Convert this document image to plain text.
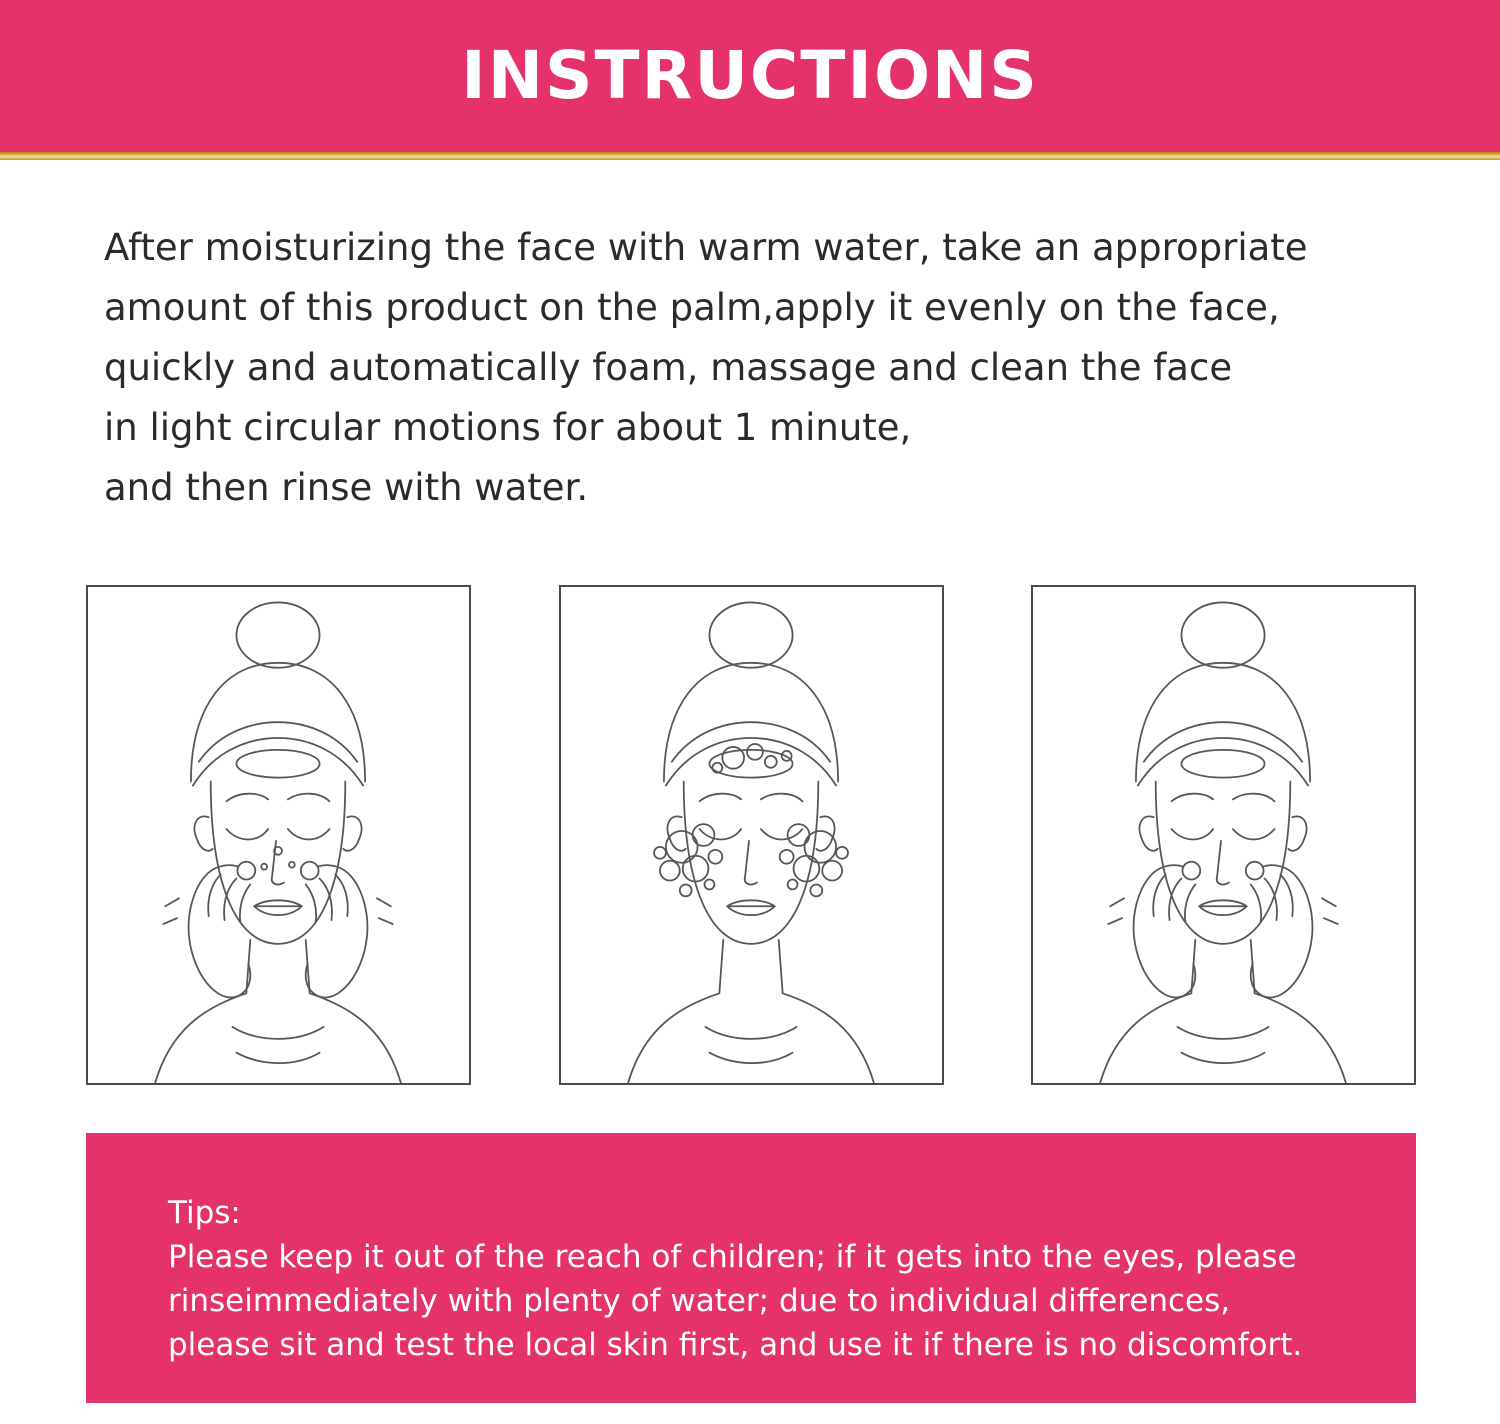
INSTRUCTIONS

After moisturizing the face with warm water, take an appropriate

amount of this product on the palm,apply it evenly on the face,

quickly and automatically foam, massage and clean the face

in light circular motions for about 1 minute,

and then rinse with water.

Tips:

Please keep it out of the reach of children; if it gets into the eyes, please

rinseimmediately with plenty of water; due to individual differences,

please sit and test the local skin first, and use it if there is no discomfort.
